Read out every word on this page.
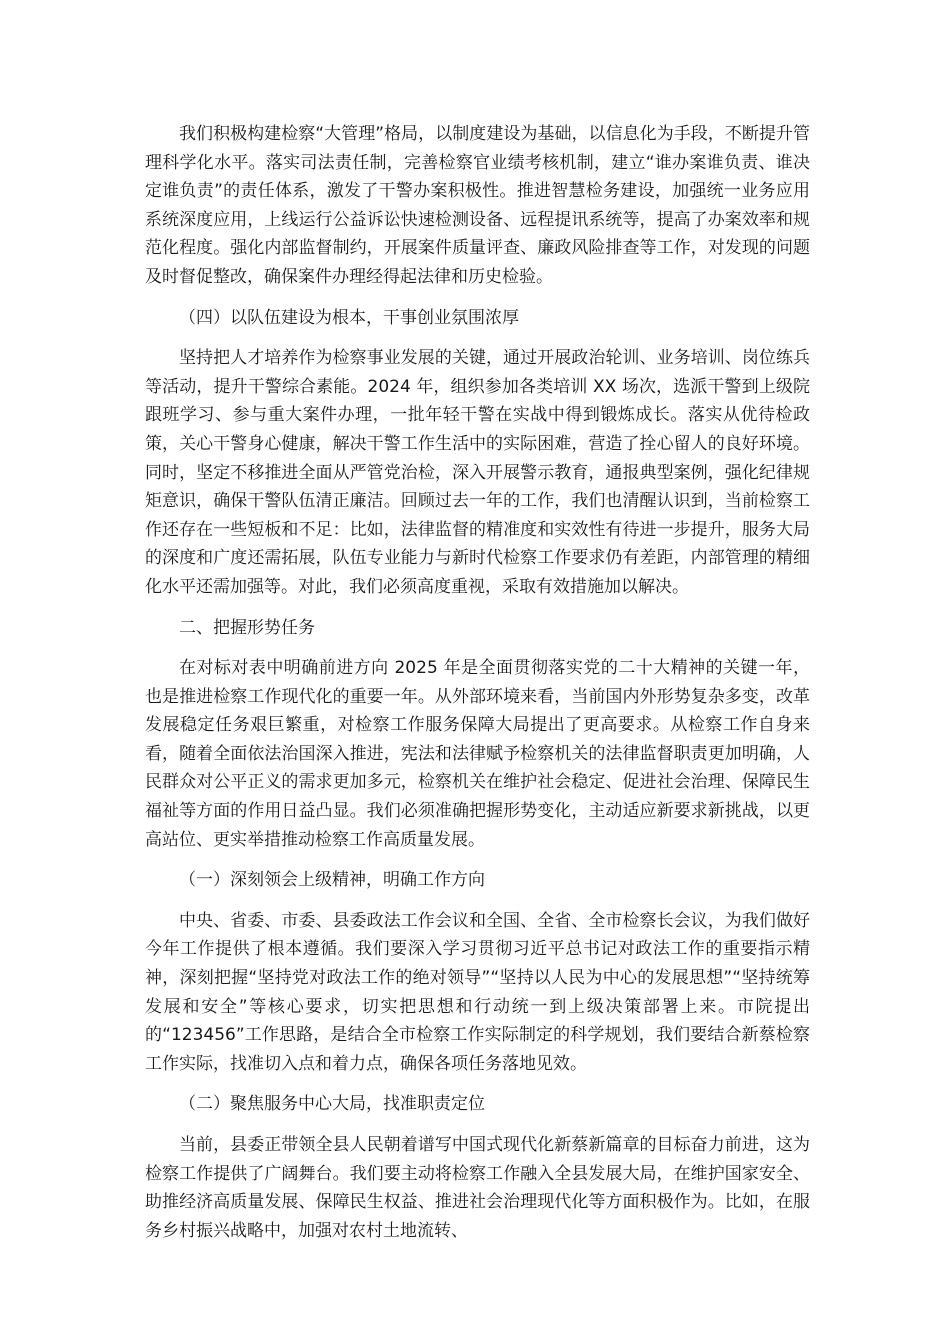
我们积极构建检察“大管理”格局，以制度建设为基础，以信息化为手段，不断提升管理科学化水平。落实司法责任制，完善检察官业绩考核机制，建立“谁办案谁负责、谁决定谁负责”的责任体系，激发了干警办案积极性。推进智慧检务建设，加强统一业务应用系统深度应用，上线运行公益诉讼快速检测设备、远程提讯系统等，提高了办案效率和规范化程度。强化内部监督制约，开展案件质量评查、廉政风险排查等工作，对发现的问题及时督促整改，确保案件办理经得起法律和历史检验。

（四）以队伍建设为根本，干事创业氛围浓厚

坚持把人才培养作为检察事业发展的关键，通过开展政治轮训、业务培训、岗位练兵等活动，提升干警综合素能。2024 年，组织参加各类培训 XX 场次，选派干警到上级院跟班学习、参与重大案件办理，一批年轻干警在实战中得到锻炼成长。落实从优待检政策，关心干警身心健康，解决干警工作生活中的实际困难，营造了拴心留人的良好环境。同时，坚定不移推进全面从严管党治检，深入开展警示教育，通报典型案例，强化纪律规矩意识，确保干警队伍清正廉洁。回顾过去一年的工作，我们也清醒认识到，当前检察工作还存在一些短板和不足：比如，法律监督的精准度和实效性有待进一步提升，服务大局的深度和广度还需拓展，队伍专业能力与新时代检察工作要求仍有差距，内部管理的精细化水平还需加强等。对此，我们必须高度重视，采取有效措施加以解决。

二、把握形势任务

在对标对表中明确前进方向 2025 年是全面贯彻落实党的二十大精神的关键一年，也是推进检察工作现代化的重要一年。从外部环境来看，当前国内外形势复杂多变，改革发展稳定任务艰巨繁重，对检察工作服务保障大局提出了更高要求。从检察工作自身来看，随着全面依法治国深入推进，宪法和法律赋予检察机关的法律监督职责更加明确，人民群众对公平正义的需求更加多元，检察机关在维护社会稳定、促进社会治理、保障民生福祉等方面的作用日益凸显。我们必须准确把握形势变化，主动适应新要求新挑战，以更高站位、更实举措推动检察工作高质量发展。

（一）深刻领会上级精神，明确工作方向

中央、省委、市委、县委政法工作会议和全国、全省、全市检察长会议，为我们做好今年工作提供了根本遵循。我们要深入学习贯彻习近平总书记对政法工作的重要指示精神，深刻把握“坚持党对政法工作的绝对领导”“坚持以人民为中心的发展思想”“坚持统筹发展和安全”等核心要求，切实把思想和行动统一到上级决策部署上来。市院提出的“123456”工作思路，是结合全市检察工作实际制定的科学规划，我们要结合新蔡检察工作实际，找准切入点和着力点，确保各项任务落地见效。

（二）聚焦服务中心大局，找准职责定位

当前，县委正带领全县人民朝着谱写中国式现代化新蔡新篇章的目标奋力前进，这为检察工作提供了广阔舞台。我们要主动将检察工作融入全县发展大局，在维护国家安全、助推经济高质量发展、保障民生权益、推进社会治理现代化等方面积极作为。比如，在服务乡村振兴战略中，加强对农村土地流转、
